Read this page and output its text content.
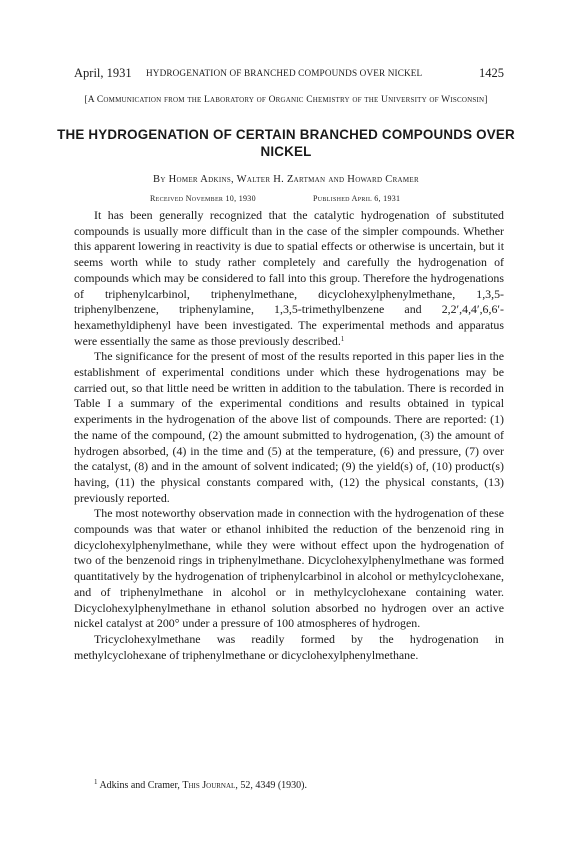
April, 1931 HYDROGENATION OF BRANCHED COMPOUNDS OVER NICKEL	1425
[A Communication from the Laboratory of Organic Chemistry of the University of Wisconsin]
THE HYDROGENATION OF CERTAIN BRANCHED COMPOUNDS OVER NICKEL
By Homer Adkins, Walter H. Zartman and Howard Cramer
Received November 10, 1930	Published April 6, 1931

It has been generally recognized that the catalytic hydrogenation of substituted compounds is usually more difficult than in the case of the simpler compounds. Whether this apparent lowering in reactivity is due to spatial effects or otherwise is uncertain, but it seems worth while to study rather completely and carefully the hydrogenation of compounds which may be considered to fall into this group. Therefore the hydrogenations of triphenylcarbinol, triphenylmethane, dicyclohexylphenylmethane, 1,3,5-triphenylbenzene, triphenylamine, 1,3,5-trimethylbenzene and 2,2′,4,4′,6,6′-hexamethyldiphenyl have been investigated. The experimental methods and apparatus were essentially the same as those previously described.$^1$

The significance for the present of most of the results reported in this paper lies in the establishment of experimental conditions under which these hydrogenations may be carried out, so that little need be written in addition to the tabulation. There is recorded in Table I a summary of the experimental conditions and results obtained in typical experiments in the hydrogenation of the above list of compounds. There are reported: (1) the name of the compound, (2) the amount submitted to hydrogenation, (3) the amount of hydrogen absorbed, (4) in the time and (5) at the temperature, (6) and pressure, (7) over the catalyst, (8) and in the amount of solvent indicated; (9) the yield(s) of, (10) product(s) having, (11) the physical constants compared with, (12) the physical constants, (13) previously reported.

The most noteworthy observation made in connection with the hydrogenation of these compounds was that water or ethanol inhibited the reduction of the benzenoid ring in dicyclohexylphenylmethane, while they were without effect upon the hydrogenation of two of the benzenoid rings in triphenylmethane. Dicyclohexylphenylmethane was formed quantitatively by the hydrogenation of triphenylcarbinol in alcohol or methylcyclohexane, and of triphenylmethane in alcohol or in methylcyclohexane containing water. Dicyclohexylphenylmethane in ethanol solution absorbed no hydrogen over an active nickel catalyst at 200° under a pressure of 100 atmospheres of hydrogen.

Tricyclohexylmethane was readily formed by the hydrogenation in methylcyclohexane of triphenylmethane or dicyclohexylphenylmethane.

$^1$ Adkins and Cramer, This Journal, 52, 4349 (1930).
